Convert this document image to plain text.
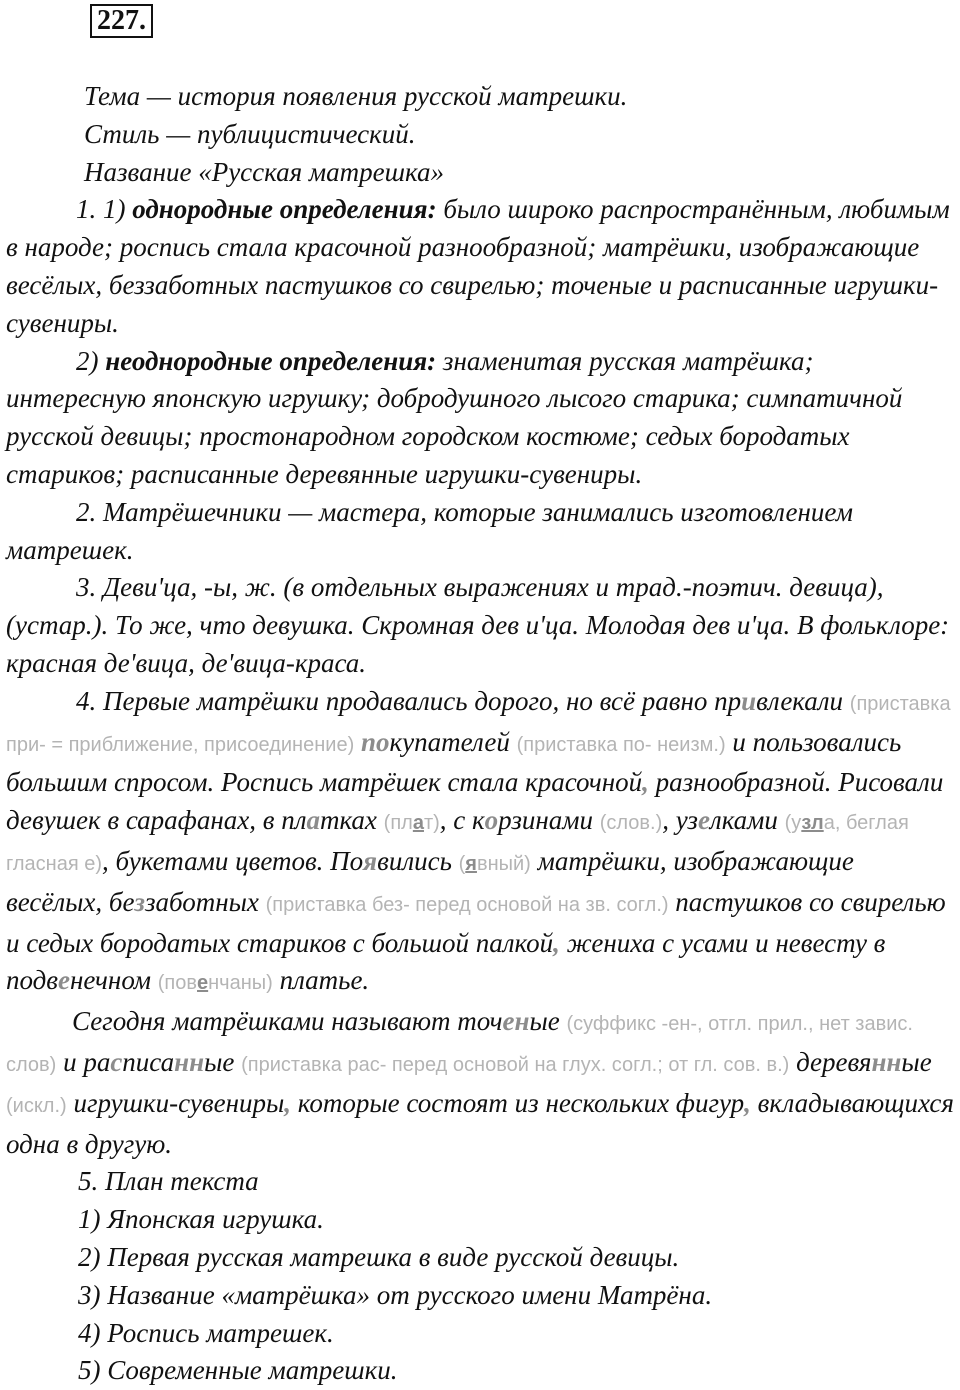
227.

Тема — история появления русской матрешки.

Стиль — публицистический.

Название «Русская матрешка»

1. 1) однородные определения: было широко распространённым, любимым в народе; роспись стала красочной разнообразной; матрёшки, изображающие весёлых, беззаботных пастушков со свирелью; точеные и расписанные игрушки-сувениры.

2) неоднородные определения: знаменитая русская матрёшка; интересную японскую игрушку; добродушного лысого старика; симпатичной русской девицы; простонародном городском костюме; седых бородатых стариков; расписанные деревянные игрушки-сувениры.

2. Матрёшечники — мастера, которые занимались изготовлением матрешек.

3. Деви'ца, -ы, ж. (в отдельных выражениях и трад.-поэтич. девица), (устар.). То же, что девушка. Скромная дев и'ца. Молодая дев и'ца. В фольклоре: красная де'вица, де'вица-краса.

4. Первые матрёшки продавались дорого, но всё равно привлекали (приставка при- = приближение, присоединение) покупателей (приставка по- неизм.) и пользовались большим спросом. Роспись матрёшек стала красочной, разнообразной. Рисовали девушек в сарафанах, в платках (плат), с корзинами (слов.), узелками (узла, беглая гласная е), букетами цветов. Появились (явный) матрёшки, изображающие весёлых, беззаботных (приставка без- перед основой на зв. согл.) пастушков со свирелью и седых бородатых стариков с большой палкой, жениха с усами и невесту в подвенечном (повенчаны) платье.

Сегодня матрёшками называют точеные (суффикс -ен-, отгл. прил., нет завис. слов) и расписанные (приставка рас- перед основой на глух. согл.; от гл. сов. в.) деревянные (искл.) игрушки-сувениры, которые состоят из нескольких фигур, вкладывающихся одна в другую.

5. План текста

1) Японская игрушка.

2) Первая русская матрешка в виде русской девицы.

3) Название «матрёшка» от русского имени Матрёна.

4) Роспись матрешек.

5) Современные матрешки.
